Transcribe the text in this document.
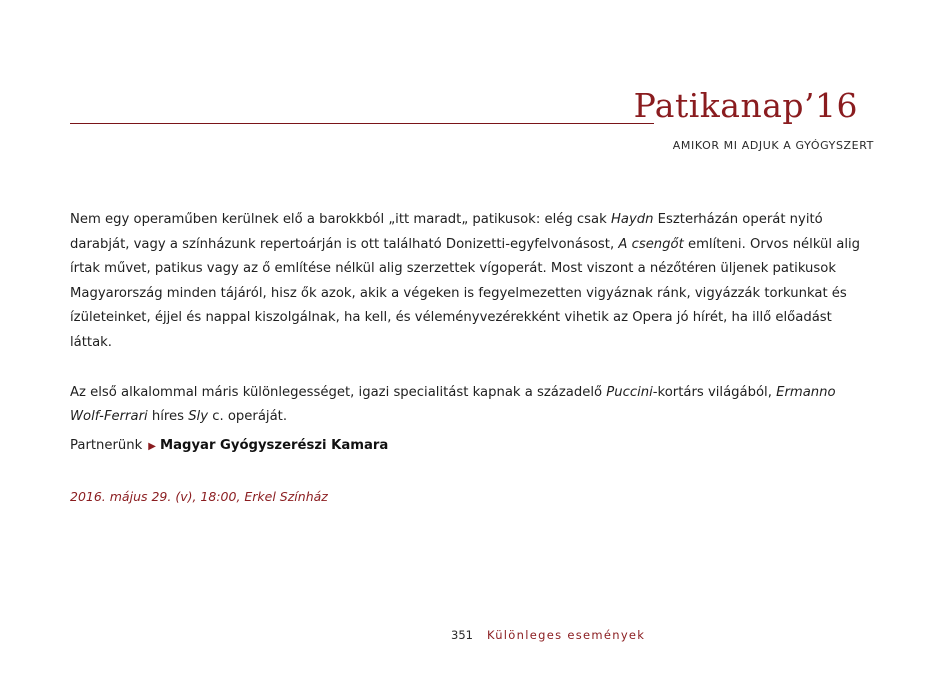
Patikanap’16
AMIKOR MI ADJUK A GYÓGYSZERT

Nem egy operaműben kerülnek elő a barokkból „itt maradt„ patikusok: elég csak Haydn Eszterházán operát nyitó darabját, vagy a színházunk repertoárján is ott található Donizetti-egyfelvonásost, A csengőt említeni. Orvos nélkül alig írtak művet, patikus vagy az ő említése nélkül alig szerzettek vígoperát. Most viszont a nézőtéren üljenek patikusok Magyarország minden tájáról, hisz ők azok, akik a végeken is fegyelmezetten vigyáznak ránk, vigyázzák torkunkat és ízületeinket, éjjel és nappal kiszolgálnak, ha kell, és véleményvezérekként vihetik az Opera jó hírét, ha illő előadást láttak.

Az első alkalommal máris különlegességet, igazi specialitást kapnak a századelő Puccini-kortárs világából, Ermanno Wolf-Ferrari híres Sly c. operáját.

Partnerünk ▶ Magyar Gyógyszerészi Kamara
2016. május 29. (v), 18:00, Erkel Színház
351 Különleges események
